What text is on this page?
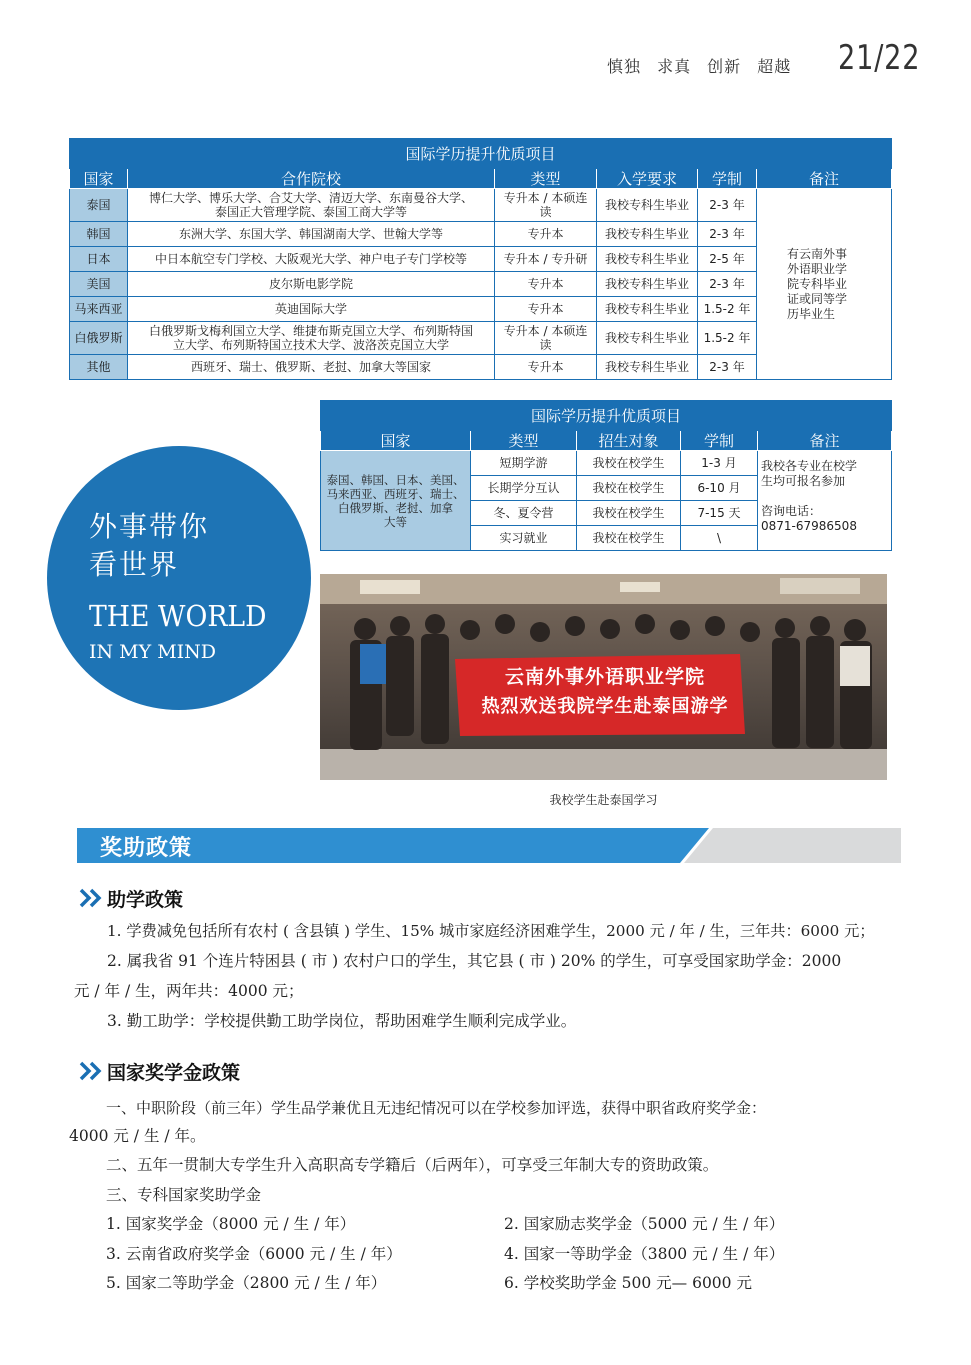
慎独 求真 创新 超越 21/22
国际学历提升优质项目					
国家	合作院校	类型	入学要求	学制	备注
泰国	博仁大学、博乐大学、合艾大学、清迈大学、东南曼谷大学、
泰国正大管理学院、泰国工商大学等	专升本 / 本硕连
读	我校专科生毕业	2-3 年	有云南外事
外语职业学
院专科毕业
证或同等学
历毕业生
韩国	东洲大学、东国大学、韩国湖南大学、世翰大学等	专升本	我校专科生毕业	2-3 年	
日本	中日本航空专门学校、大阪观光大学、神户电子专门学校等	专升本 / 专升研	我校专科生毕业	2-5 年	
美国	皮尔斯电影学院	专升本	我校专科生毕业	2-3 年	
马来西亚	英迪国际大学	专升本	我校专科生毕业	1.5-2 年	
白俄罗斯	白俄罗斯戈梅利国立大学、维捷布斯克国立大学、布列斯特国
立大学、布列斯特国立技术大学、波洛茨克国立大学	专升本 / 本硕连
读	我校专科生毕业	1.5-2 年	
其他	西班牙、瑞士、俄罗斯、老挝、加拿大等国家	专升本	我校专科生毕业	2-3 年	
国际学历提升优质项目				
国家	类型	招生对象	学制	备注
泰国、韩国、日本、美国、
马来西亚、西班牙、瑞士、
白俄罗斯、老挝、加拿
大等	短期学游	我校在校学生	1-3 月	我校各专业在校学
生均可报名参加

咨询电话：
0871-67986508
	长期学分互认	我校在校学生	6-10 月	
	冬、夏令营	我校在校学生	7-15 天	
	实习就业	我校在校学生	\	
外事带你
看世界
THE WORLD
IN MY MIND
云南外事外语职业学院
热烈欢送我院学生赴泰国游学
我校学生赴泰国学习
奖助政策
助学政策
1. 学费减免包括所有农村 ( 含县镇 ) 学生、15% 城市家庭经济困难学生，2000 元 / 年 / 生，三年共：6000 元；
2. 属我省 91 个连片特困县 ( 市 ) 农村户口的学生，其它县 ( 市 ) 20% 的学生，可享受国家助学金：2000
元 / 年 / 生，两年共：4000 元；
3. 勤工助学：学校提供勤工助学岗位，帮助困难学生顺利完成学业。
国家奖学金政策
一、中职阶段（前三年）学生品学兼优且无违纪情况可以在学校参加评选，获得中职省政府奖学金：
4000 元 / 生 / 年。
二、五年一贯制大专学生升入高职高专学籍后（后两年），可享受三年制大专的资助政策。
三、专科国家奖助学金
1. 国家奖学金（8000 元 / 生 / 年）	2. 国家励志奖学金（5000 元 / 生 / 年）
3. 云南省政府奖学金（6000 元 / 生 / 年）	4. 国家一等助学金（3800 元 / 生 / 年）
5. 国家二等助学金（2800 元 / 生 / 年）	6. 学校奖助学金 500 元— 6000 元
